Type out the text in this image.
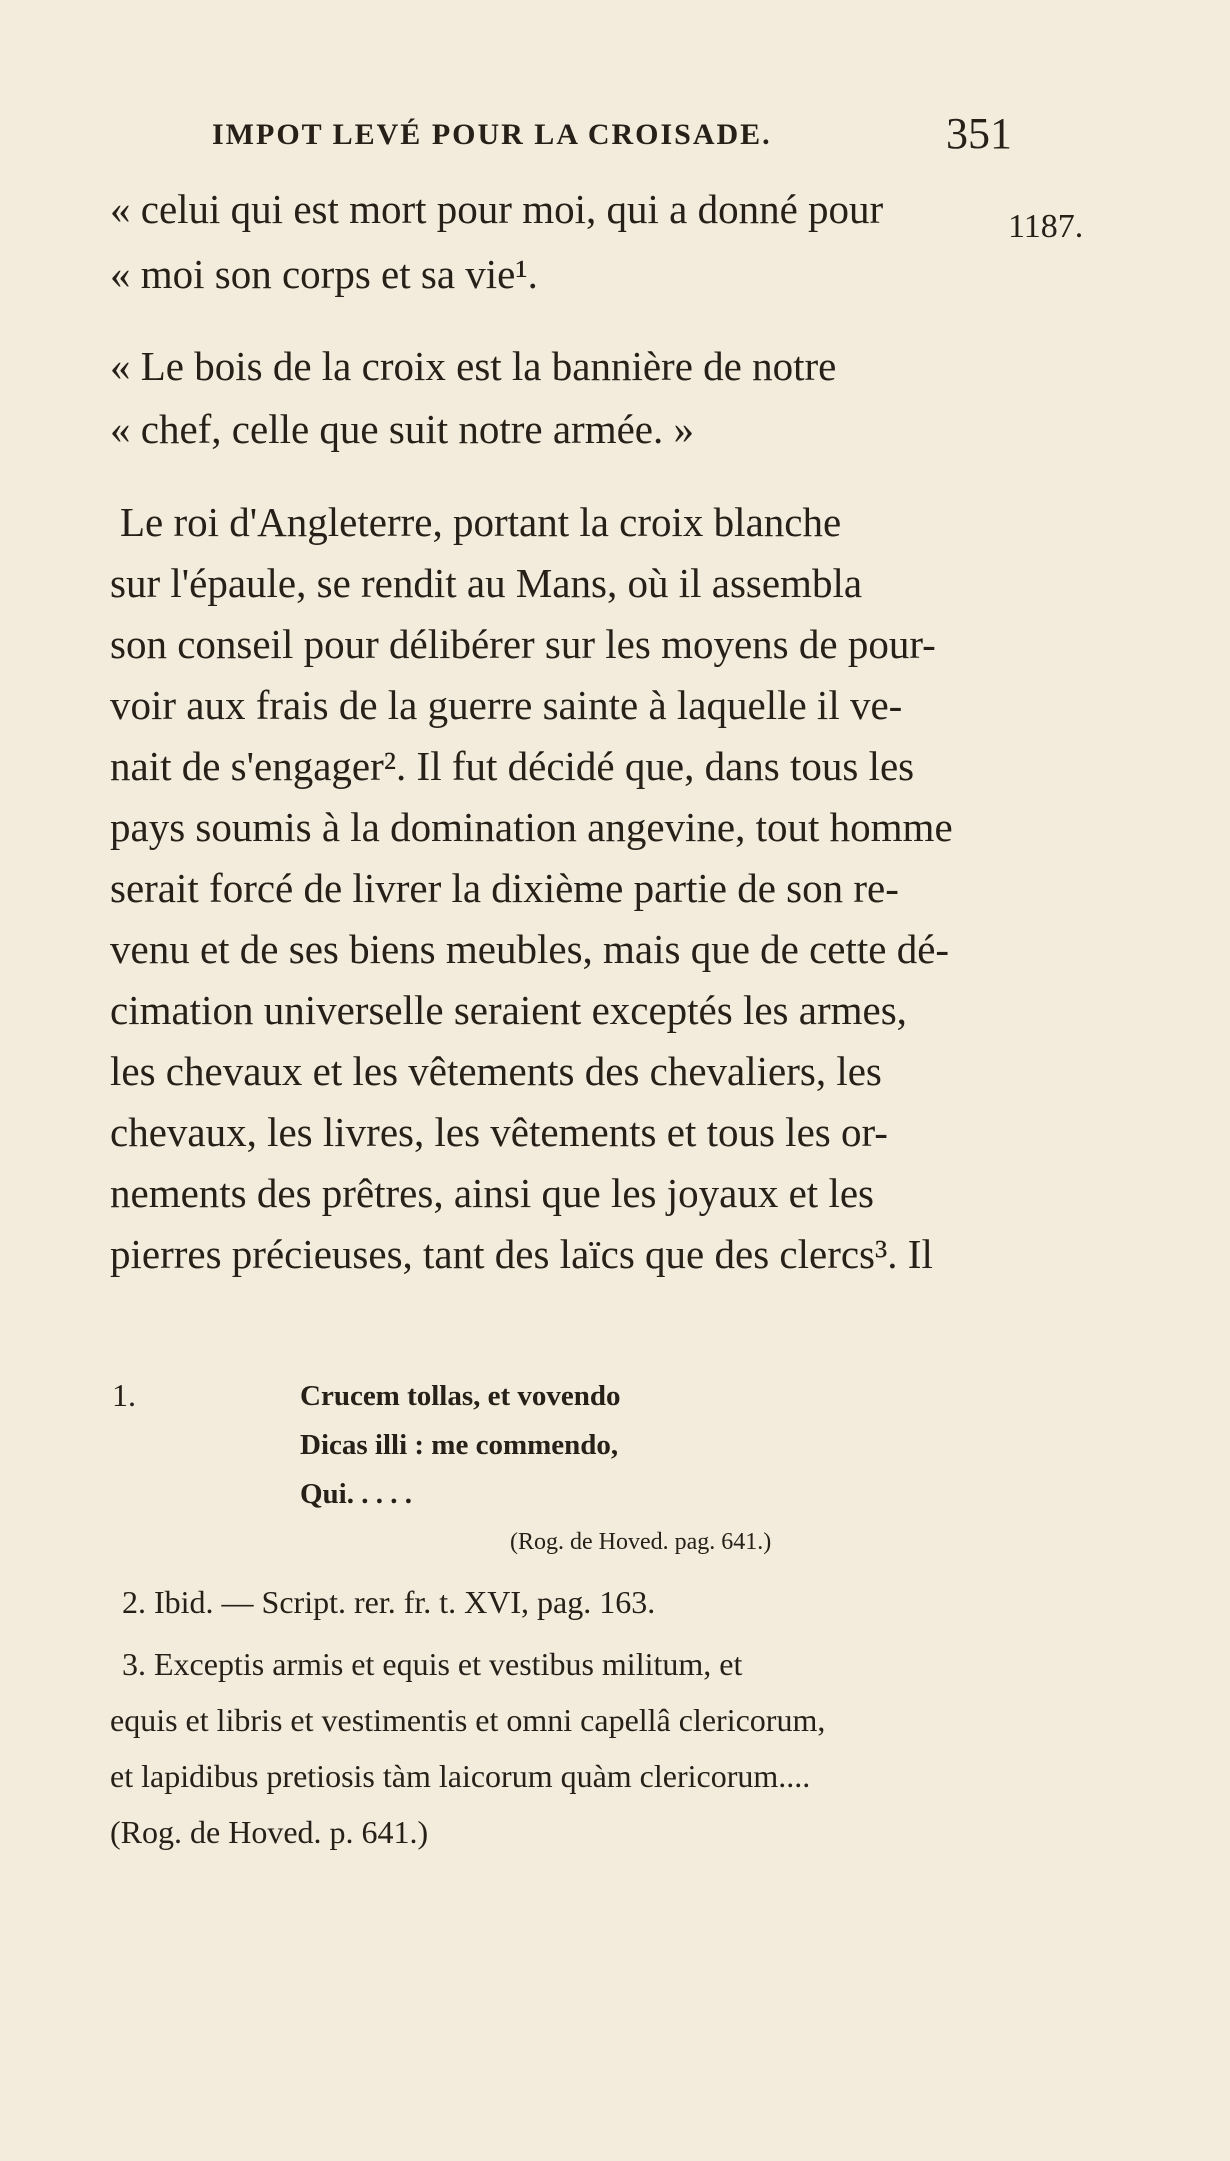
IMPOT LEVÉ POUR LA CROISADE.	351
1187.
« celui qui est mort pour moi, qui a donné pour
« moi son corps et sa vie¹.
« Le bois de la croix est la bannière de notre
« chef, celle que suit notre armée. »
Le roi d'Angleterre, portant la croix blanche
sur l'épaule, se rendit au Mans, où il assembla
son conseil pour délibérer sur les moyens de pour-
voir aux frais de la guerre sainte à laquelle il ve-
nait de s'engager². Il fut décidé que, dans tous les
pays soumis à la domination angevine, tout homme
serait forcé de livrer la dixième partie de son re-
venu et de ses biens meubles, mais que de cette dé-
cimation universelle seraient exceptés les armes,
les chevaux et les vêtements des chevaliers, les
chevaux, les livres, les vêtements et tous les or-
nements des prêtres, ainsi que les joyaux et les
pierres précieuses, tant des laïcs que des clercs³. Il
1.	Crucem tollas, et vovendo
Dicas illi : me commendo,
Qui. . . . .
(Rog. de Hoved. pag. 641.)
2. Ibid. — Script. rer. fr. t. XVI, pag. 163.
3. Exceptis armis et equis et vestibus militum, et
equis et libris et vestimentis et omni capellâ clericorum,
et lapidibus pretiosis tàm laicorum quàm clericorum....
(Rog. de Hoved. p. 641.)
